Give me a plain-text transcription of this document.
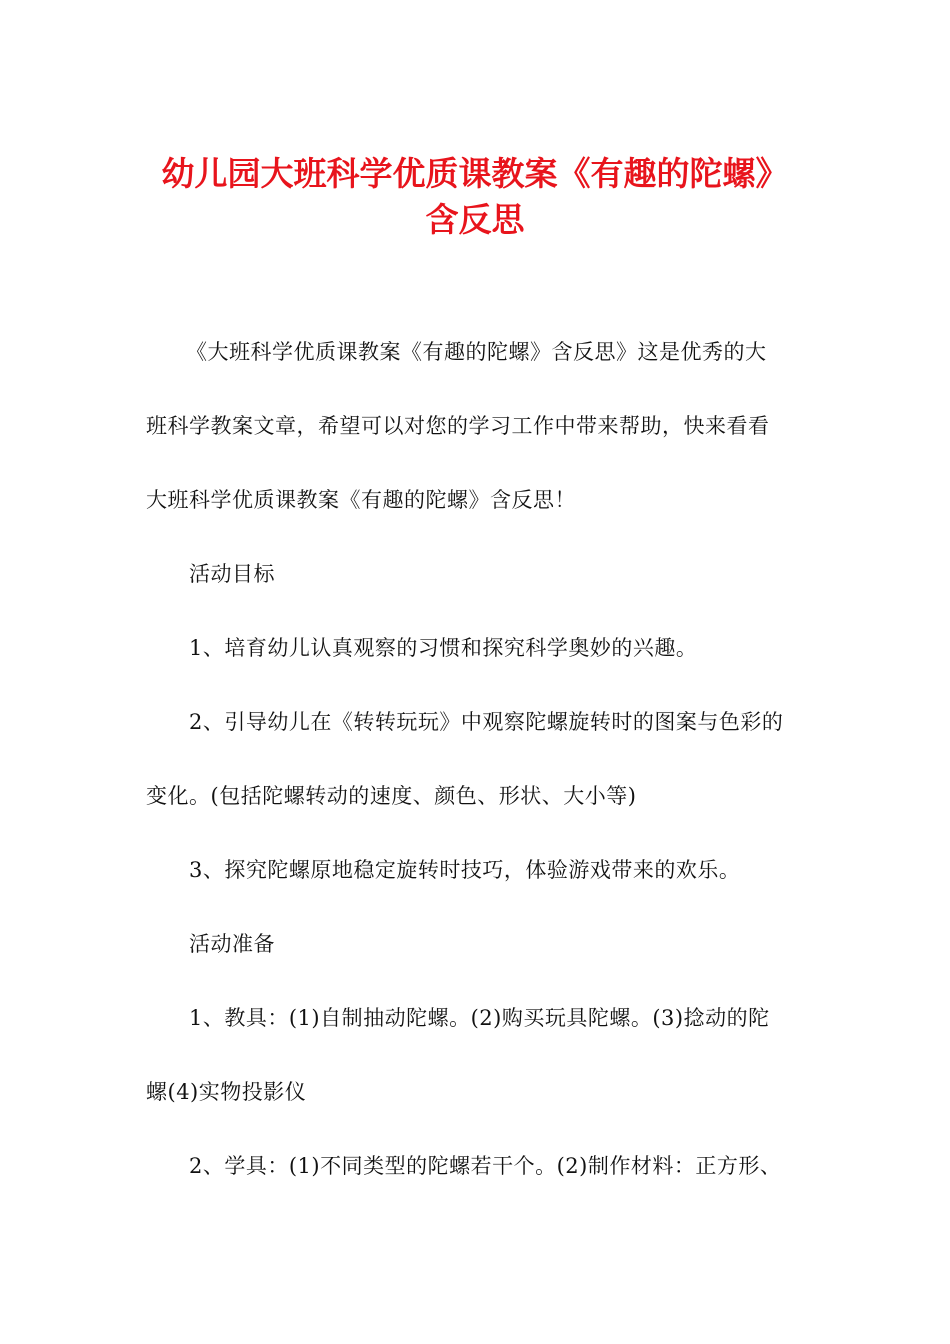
幼儿园大班科学优质课教案《有趣的陀螺》
含反思
《大班科学优质课教案《有趣的陀螺》含反思》这是优秀的大
班科学教案文章，希望可以对您的学习工作中带来帮助，快来看看
大班科学优质课教案《有趣的陀螺》含反思！
活动目标
1、培育幼儿认真观察的习惯和探究科学奥妙的兴趣。
2、引导幼儿在《转转玩玩》中观察陀螺旋转时的图案与色彩的
变化。(包括陀螺转动的速度、颜色、形状、大小等)
3、探究陀螺原地稳定旋转时技巧，体验游戏带来的欢乐。
活动准备
1、教具：(1)自制抽动陀螺。(2)购买玩具陀螺。(3)捻动的陀
螺(4)实物投影仪
2、学具：(1)不同类型的陀螺若干个。(2)制作材料：正方形、
